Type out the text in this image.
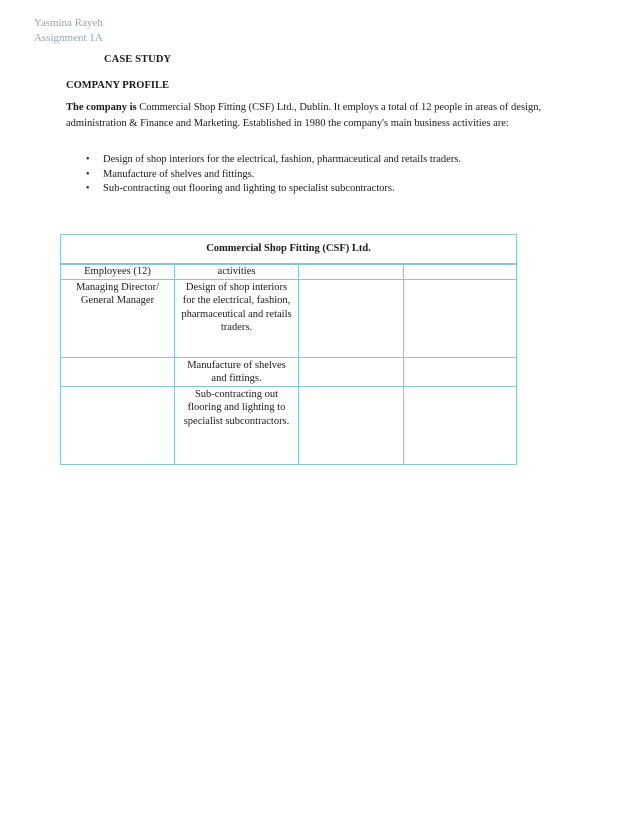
Yasmina Rayeh
Assignment 1A
CASE STUDY
COMPANY PROFILE

The company is Commercial Shop Fitting (CSF) Ltd., Dublin. It employs a total of 12 people in areas of design, administration & Finance and Marketing. Established in 1980 the company's main business activities are:

• Design of shop interiors for the electrical, fashion, pharmaceutical and retails traders.
• Manufacture of shelves and fittings.
• Sub-contracting out flooring and lighting to specialist subcontractors.
Commercial Shop Fitting (CSF) Ltd.			
Employees (12)	activities		
Managing Director/ General Manager	Design of shop interiors for the electrical, fashion, pharmaceutical and retails traders.		
	Manufacture of shelves and fittings.		
	Sub-contracting out flooring and lighting to specialist subcontractors.		
